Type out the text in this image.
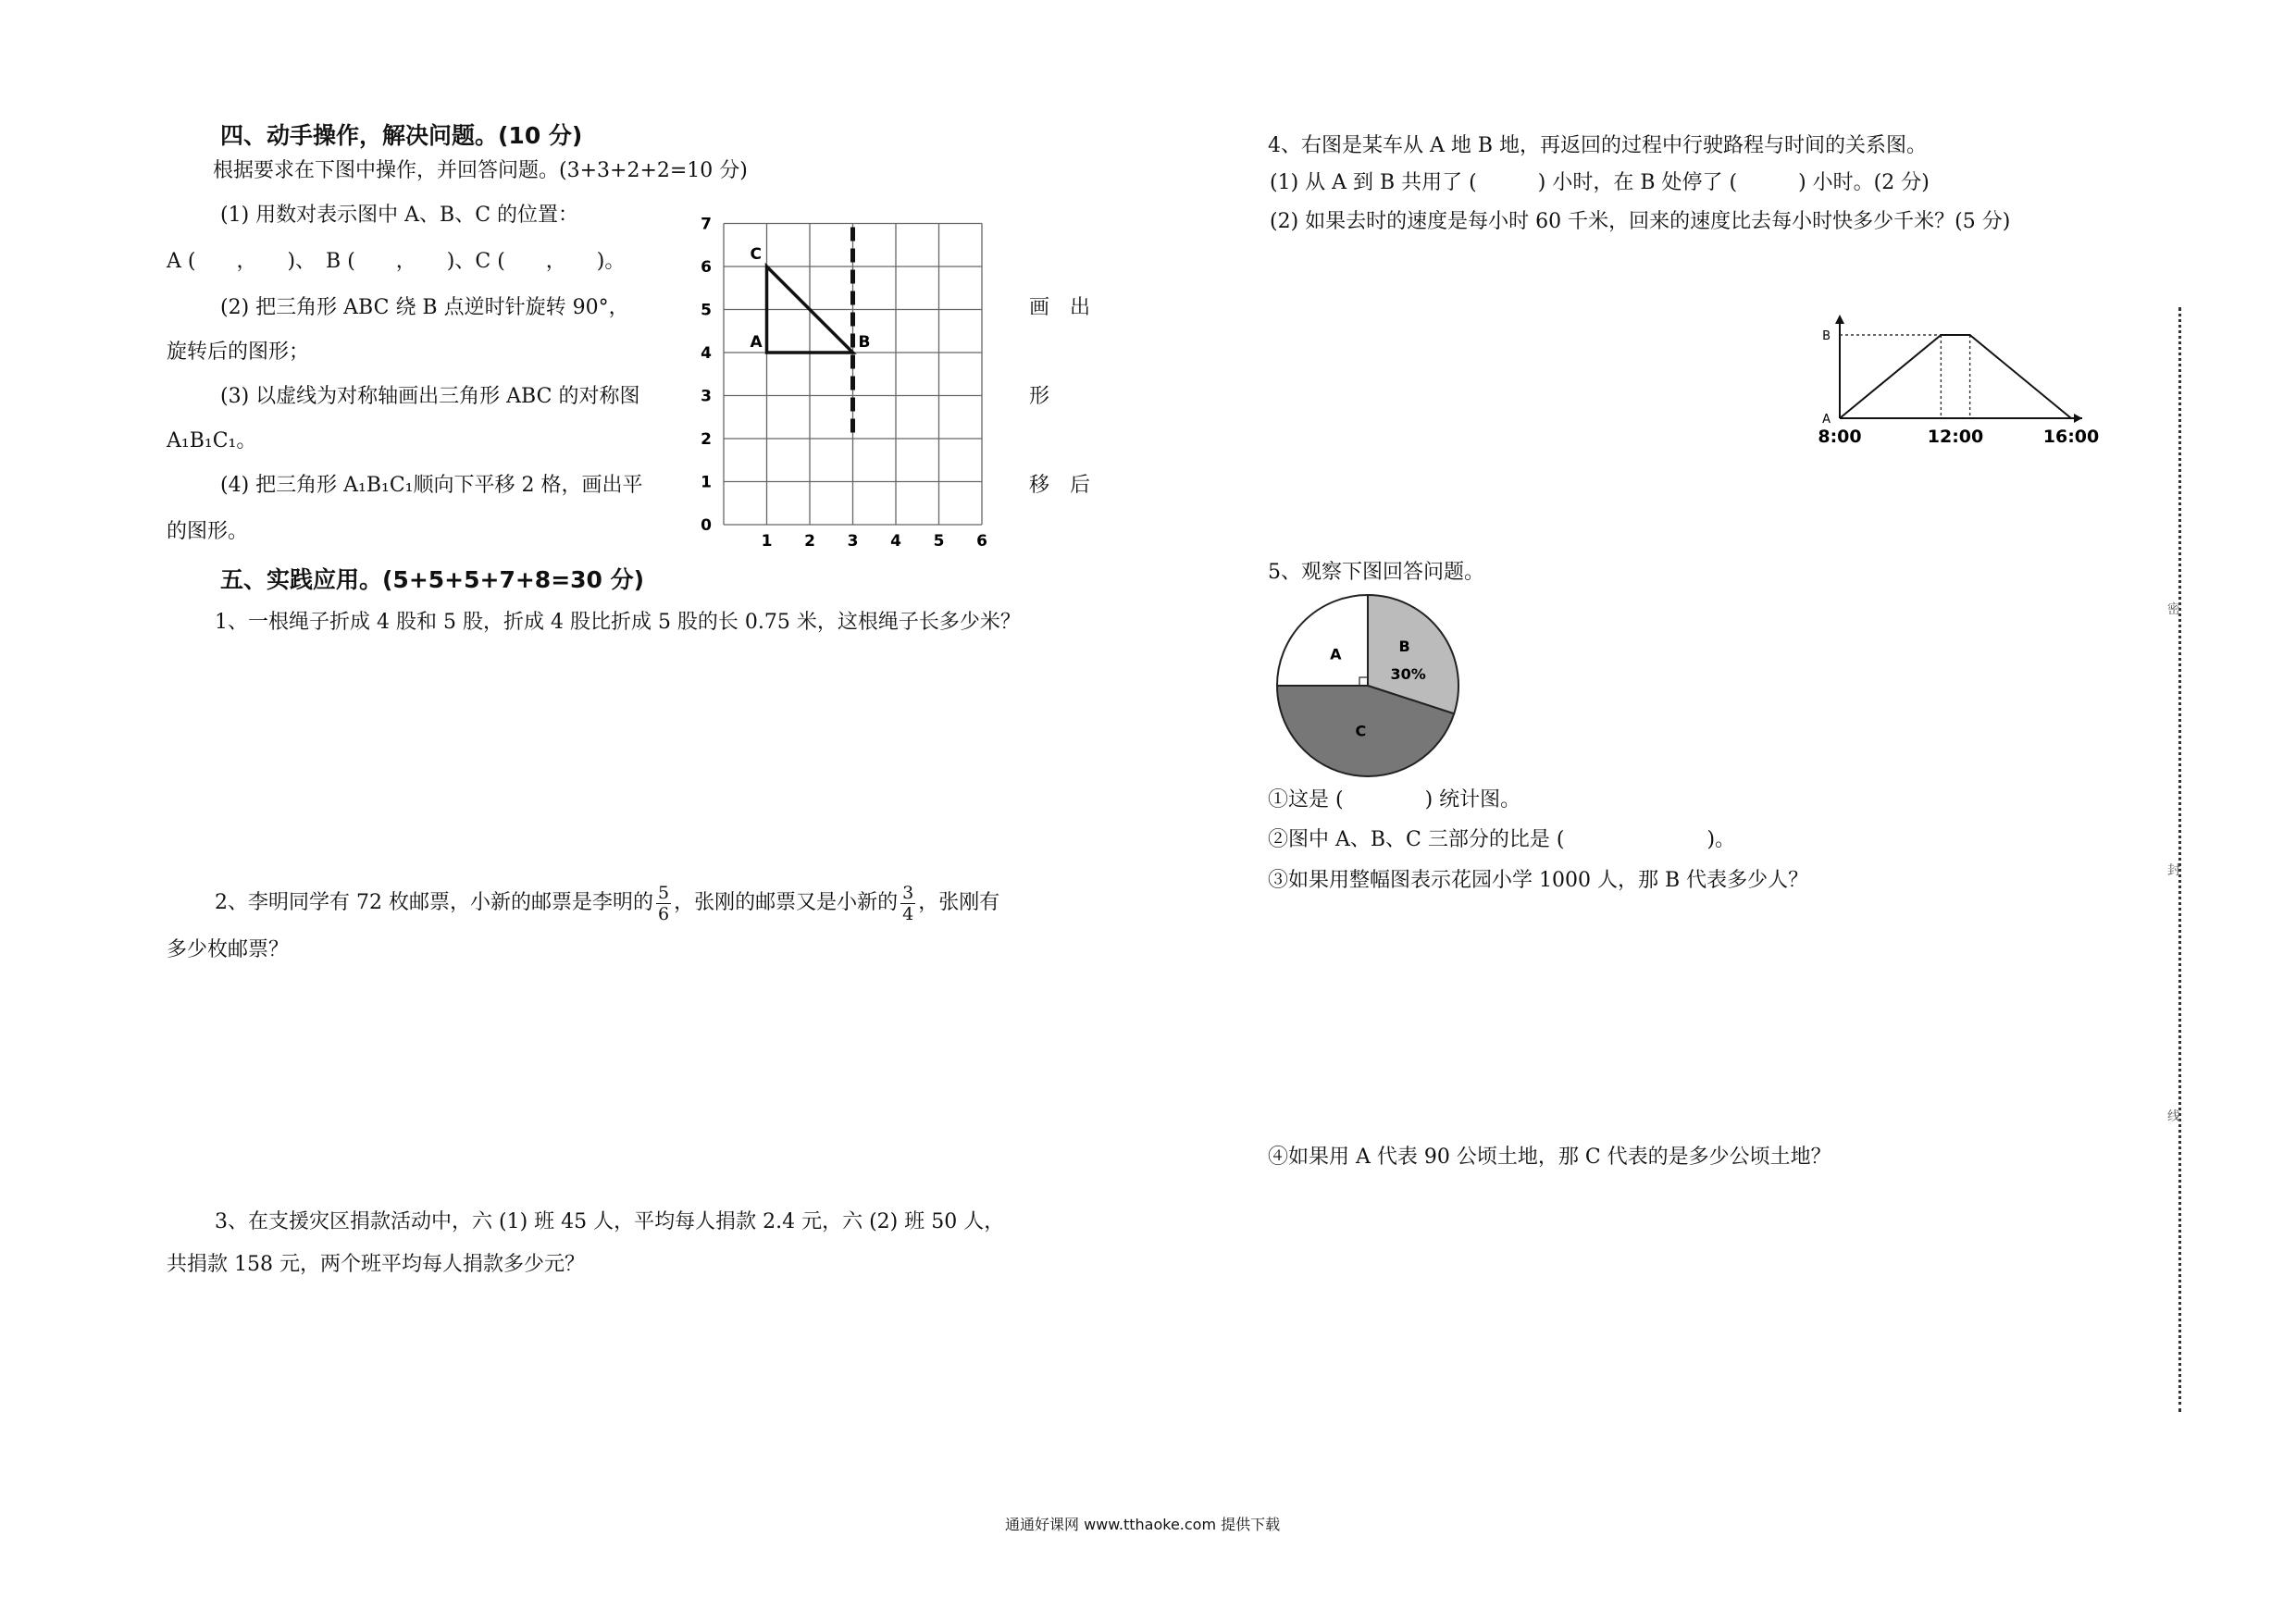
四、动手操作，解决问题。(10 分)
根据要求在下图中操作，并回答问题。(3+3+2+2=10 分)
(1) 用数对表示图中 A、B、C 的位置：
A (　　，　　)、　B (　　，　　)、C (　　，　　)。
(2) 把三角形 ABC 绕 B 点逆时针旋转 90°，	画　出
旋转后的图形；
(3) 以虚线为对称轴画出三角形 ABC 的对称图	形
A₁B₁C₁。
(4) 把三角形 A₁B₁C₁顺向下平移 2 格，画出平	移　后
的图形。	1 2 3 4 5 6
0
1
2
3
4
5
6
7
A	B
C
五、实践应用。(5+5+5+7+8=30 分)
1、一根绳子折成 4 股和 5 股，折成 4 股比折成 5 股的长 0.75 米，这根绳子长多少米？
2、李明同学有 72 枚邮票，小新的邮票是李明的 $\frac{5}{6}$ ，张刚的邮票又是小新的 $\frac{3}{4}$ ，张刚有
多少枚邮票？
3、在支援灾区捐款活动中，六 (1) 班 45 人，平均每人捐款 2.4 元，六 (2) 班 50 人，
共捐款 158 元，两个班平均每人捐款多少元？
4、右图是某车从 A 地 B 地，再返回的过程中行驶路程与时间的关系图。
(1) 从 A 到 B 共用了 (　　　) 小时，在 B 处停了 (　　　) 小时。(2 分)
(2) 如果去时的速度是每小时 60 千米，回来的速度比去每小时快多少千米？(5 分)
A
B
8:00	12:00	16:00
5、观察下图回答问题。
B
30%
C
A
①这是 (　　　　) 统计图。
②图中 A、B、C 三部分的比是 (　　　　　　　)。
③如果用整幅图表示花园小学 1000 人，那 B 代表多少人？
④如果用 A 代表 90 公顷土地，那 C 代表的是多少公顷土地？
密
封
线
通通好课网 www.tthaoke.com 提供下载
